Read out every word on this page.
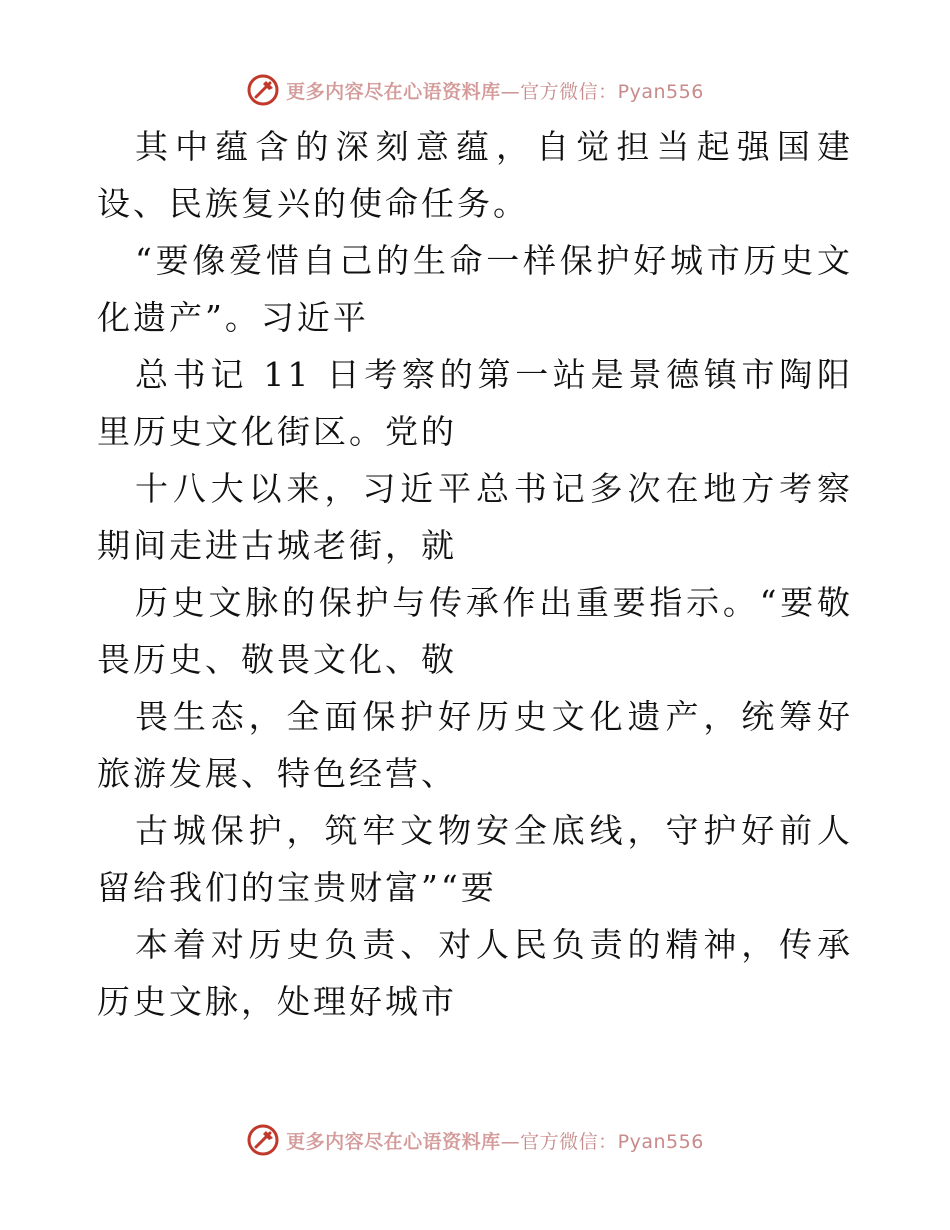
更多内容尽在心语资料库—官方微信：Pyan556

其中蕴含的深刻意蕴，自觉担当起强国建设、民族复兴的使命任务。

“要像爱惜自己的生命一样保护好城市历史文化遗产”。习近平

总书记 11 日考察的第一站是景德镇市陶阳里历史文化街区。党的

十八大以来，习近平总书记多次在地方考察期间走进古城老街，就

历史文脉的保护与传承作出重要指示。“要敬畏历史、敬畏文化、敬

畏生态，全面保护好历史文化遗产，统筹好旅游发展、特色经营、

古城保护，筑牢文物安全底线，守护好前人留给我们的宝贵财富”“要

本着对历史负责、对人民负责的精神，传承历史文脉，处理好城市

更多内容尽在心语资料库—官方微信：Pyan556
